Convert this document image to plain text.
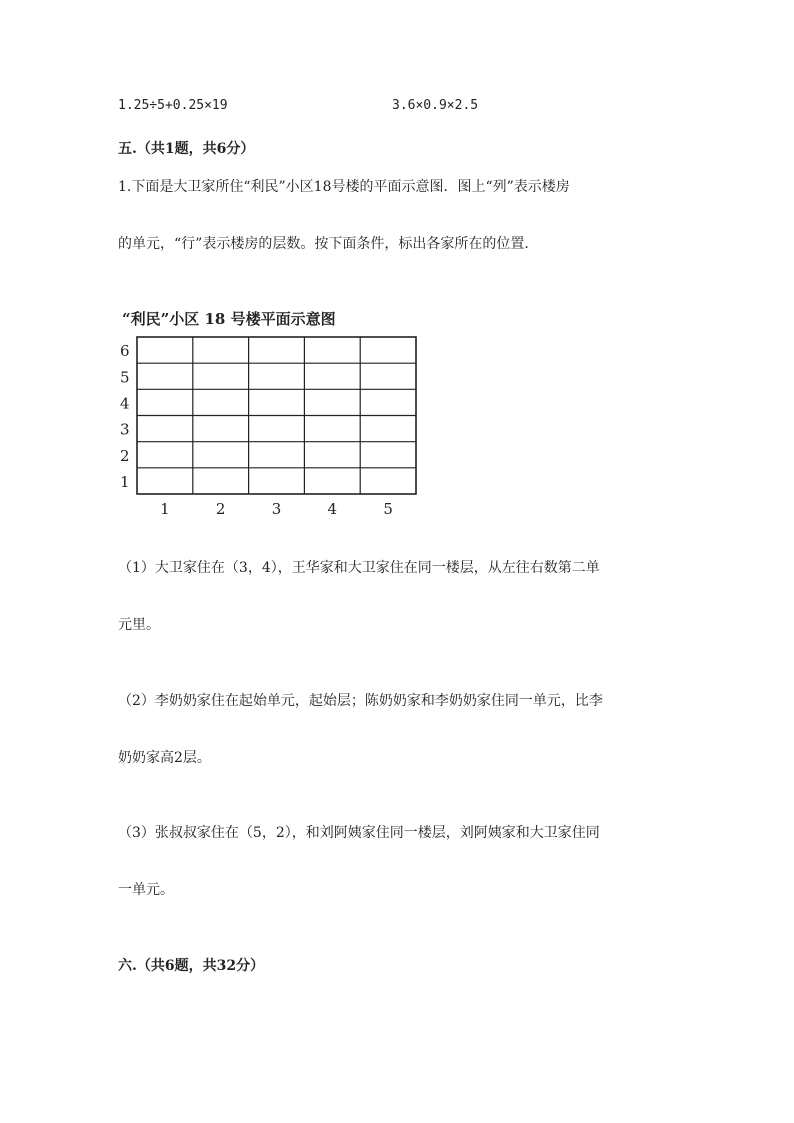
1.25÷5+0.25×19	3.6×0.9×2.5
五.（共1题，共6分）
1.下面是大卫家所住“利民”小区18号楼的平面示意图．图上“列”表示楼房
的单元，“行”表示楼房的层数。按下面条件，标出各家所在的位置．
“利民”小区 18 号楼平面示意图
1
2
3
4
5
6
1	2	3	4	5
（1）大卫家住在（3，4），王华家和大卫家住在同一楼层，从左往右数第二单
元里。
（2）李奶奶家住在起始单元，起始层；陈奶奶家和李奶奶家住同一单元，比李
奶奶家高2层。
（3）张叔叔家住在（5，2），和刘阿姨家住同一楼层，刘阿姨家和大卫家住同
一单元。
六.（共6题，共32分）
